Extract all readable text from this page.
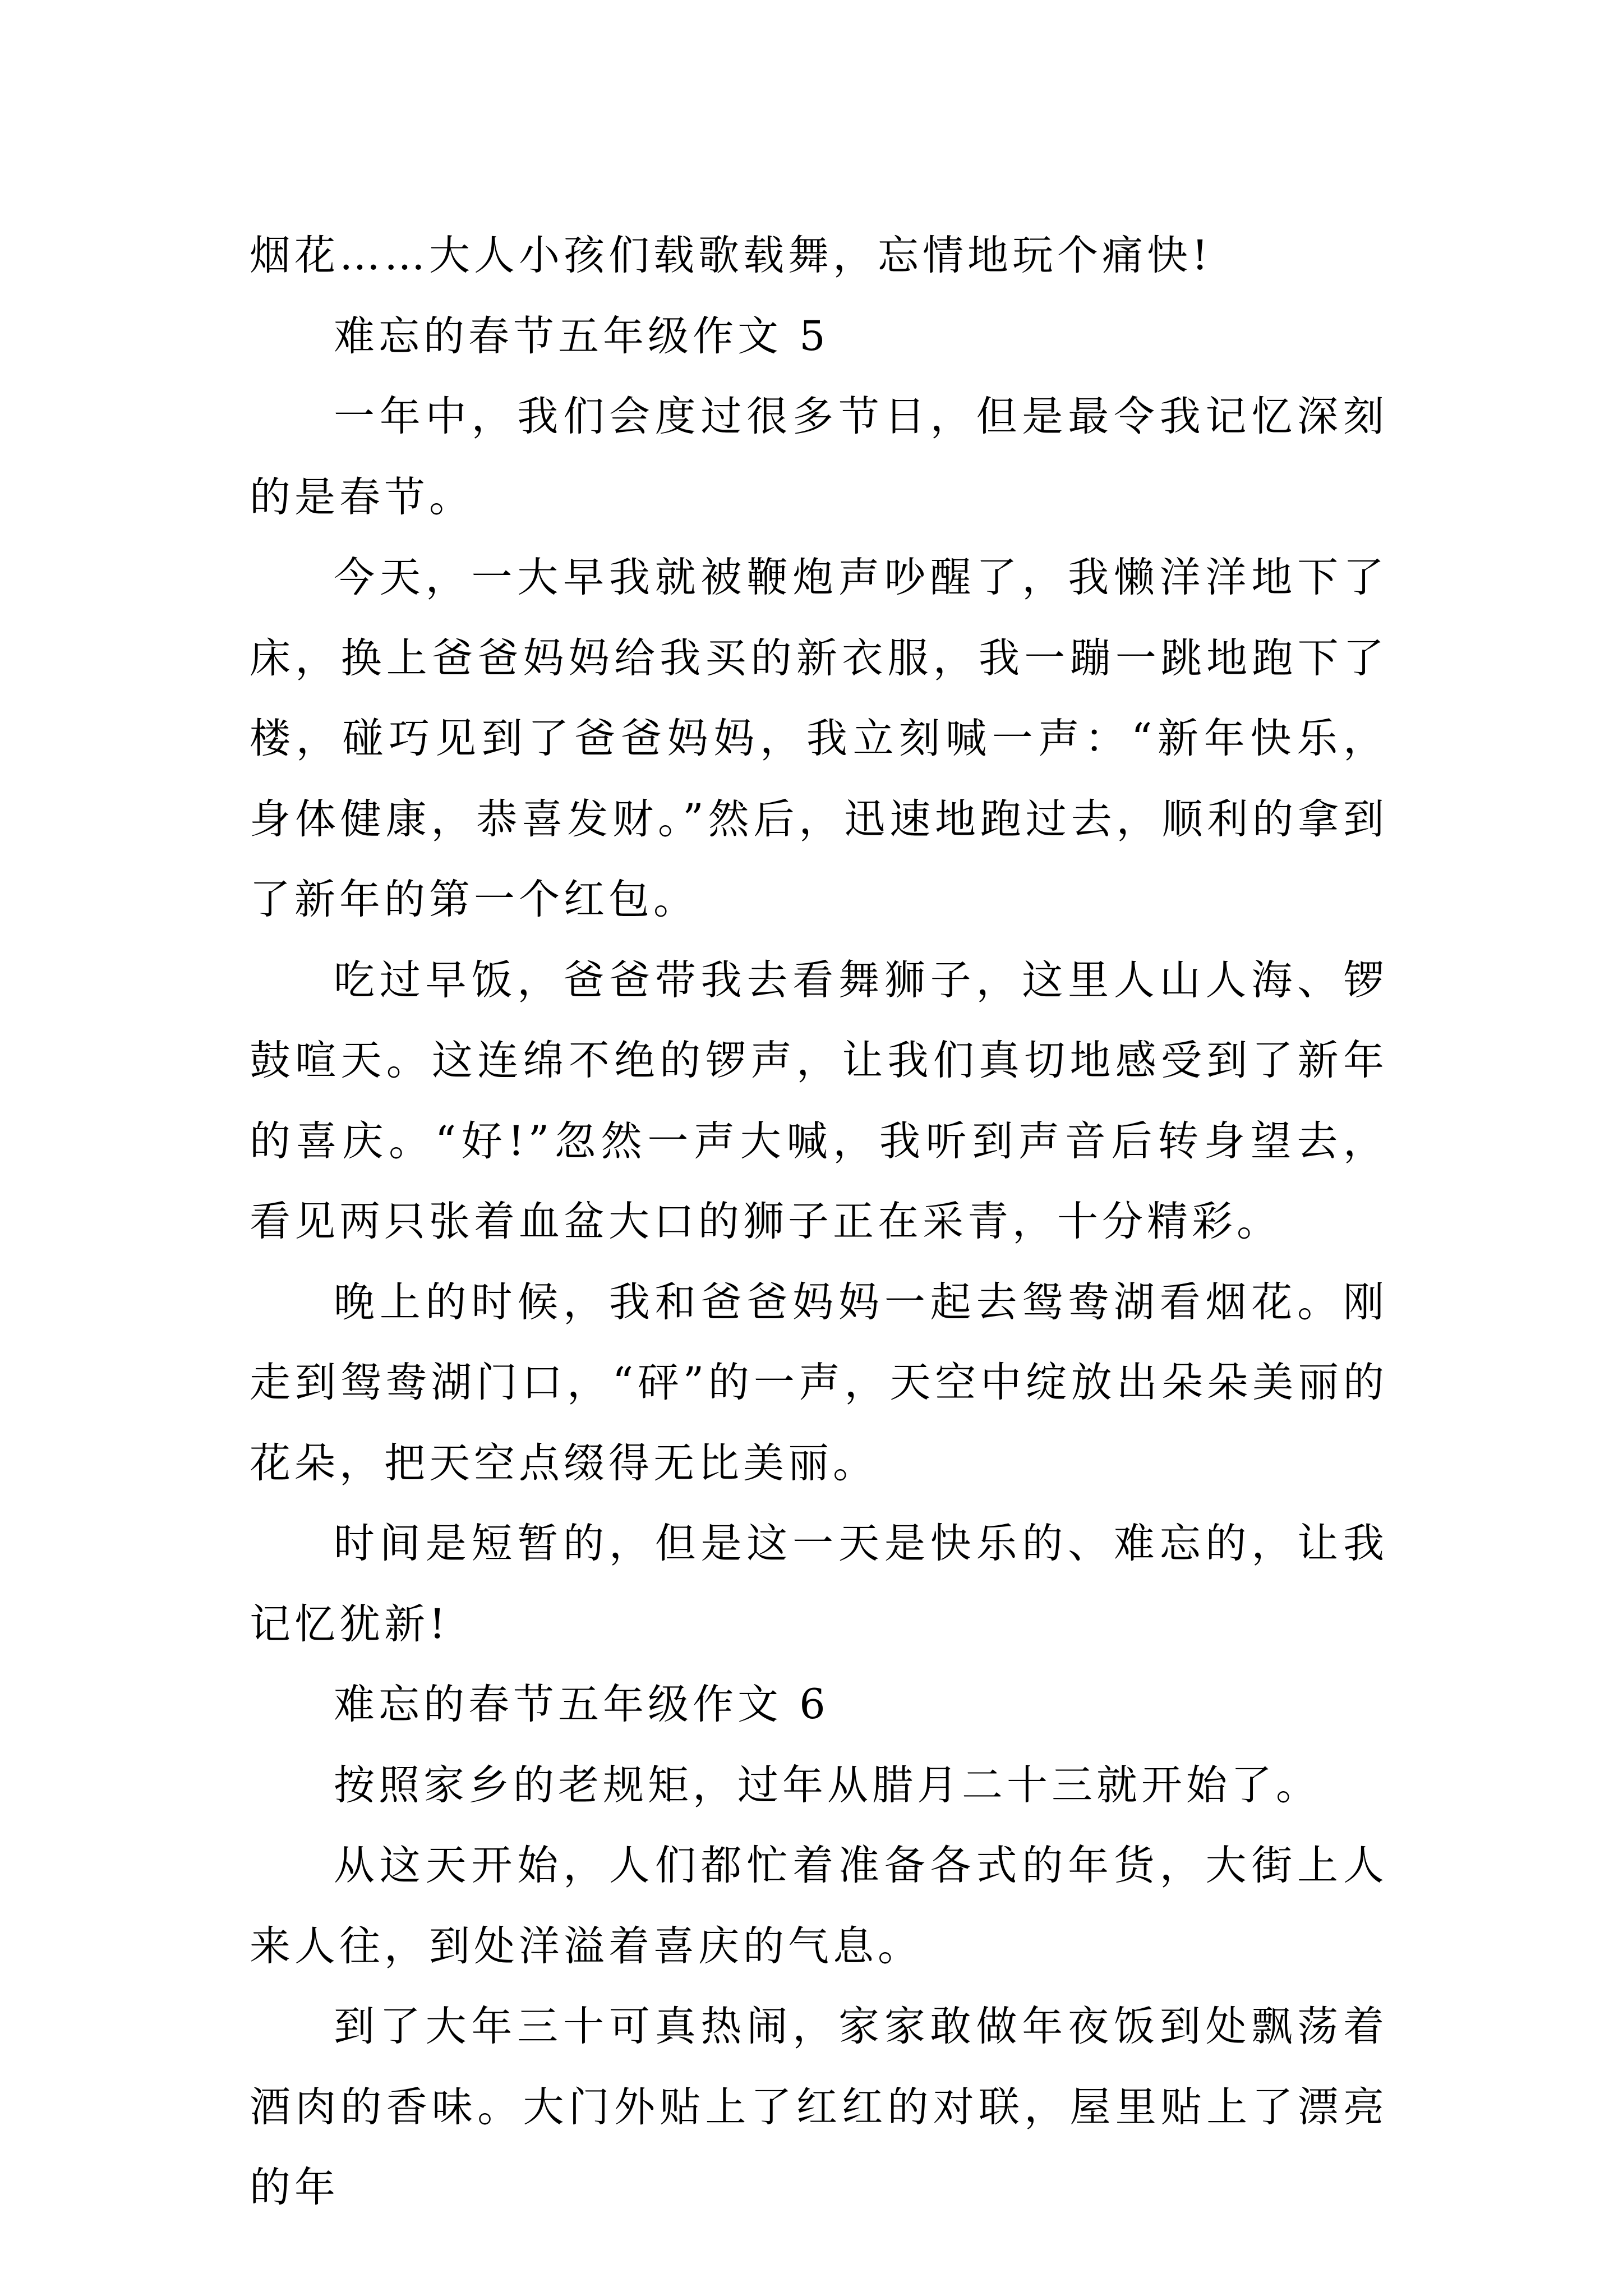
烟花……大人小孩们载歌载舞，忘情地玩个痛快!

难忘的春节五年级作文 5

一年中，我们会度过很多节日，但是最令我记忆深刻的是春节。

今天，一大早我就被鞭炮声吵醒了，我懒洋洋地下了床，换上爸爸妈妈给我买的新衣服，我一蹦一跳地跑下了楼，碰巧见到了爸爸妈妈，我立刻喊一声：“新年快乐，身体健康，恭喜发财。”然后，迅速地跑过去，顺利的拿到了新年的第一个红包。

吃过早饭，爸爸带我去看舞狮子，这里人山人海、锣鼓喧天。这连绵不绝的锣声，让我们真切地感受到了新年的喜庆。“好!”忽然一声大喊，我听到声音后转身望去，看见两只张着血盆大口的狮子正在采青，十分精彩。

晚上的时候，我和爸爸妈妈一起去鸳鸯湖看烟花。刚走到鸳鸯湖门口，“砰”的一声，天空中绽放出朵朵美丽的花朵，把天空点缀得无比美丽。

时间是短暂的，但是这一天是快乐的、难忘的，让我记忆犹新!

难忘的春节五年级作文 6

按照家乡的老规矩，过年从腊月二十三就开始了。

从这天开始，人们都忙着准备各式的年货，大街上人来人往，到处洋溢着喜庆的气息。

到了大年三十可真热闹，家家敢做年夜饭到处飘荡着酒肉的香味。大门外贴上了红红的对联，屋里贴上了漂亮的年
